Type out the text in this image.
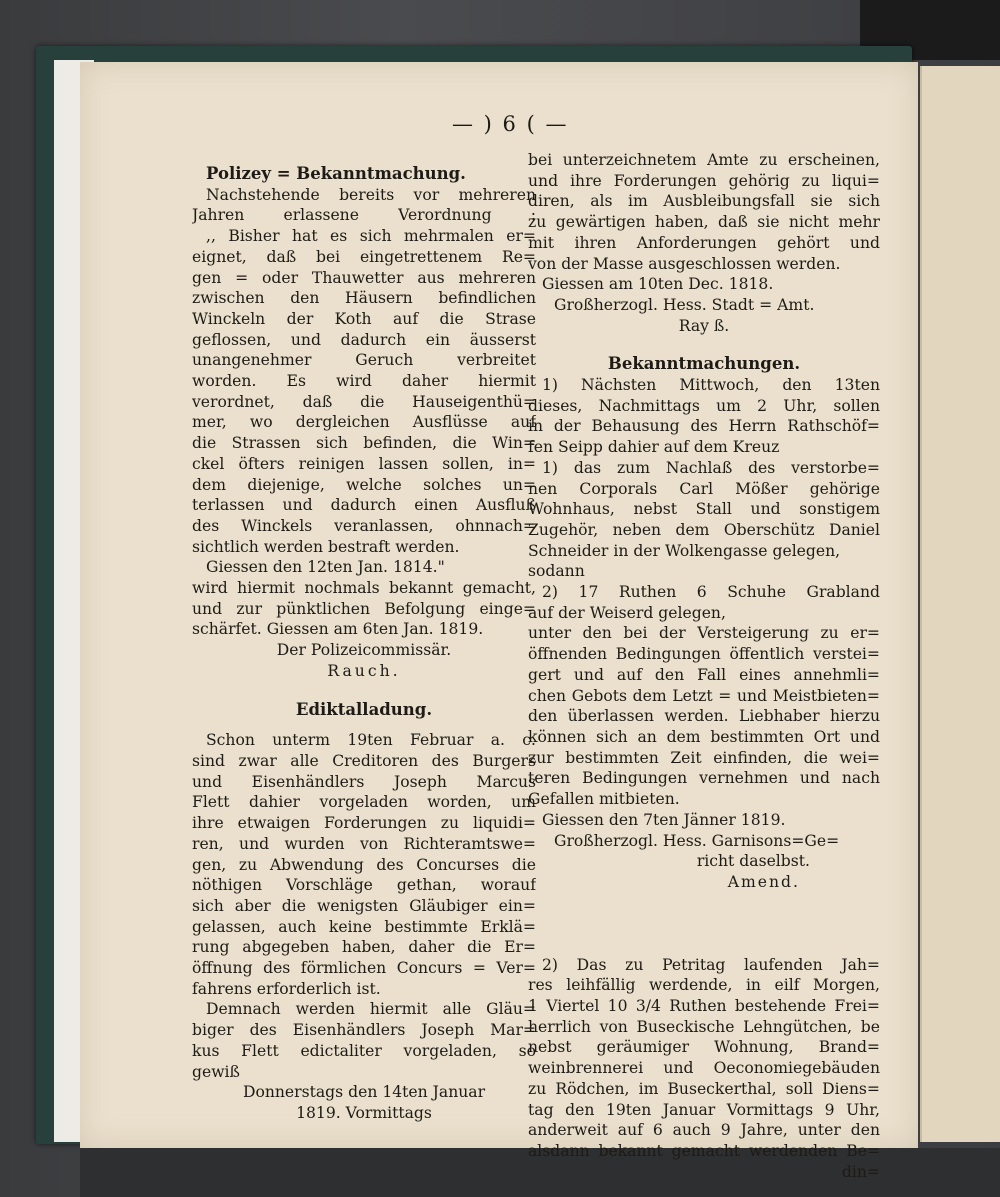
— ) 6 ( —
Polizey = Bekanntmachung.
Nachstehende bereits vor mehreren
Jahren erlassene Verordnung :
,, Bisher hat es sich mehrmalen er=
eignet, daß bei eingetrettenem Re=
gen = oder Thauwetter aus mehreren
zwischen den Häusern befindlichen
Winckeln der Koth auf die Strase
geflossen, und dadurch ein äusserst
unangenehmer Geruch verbreitet
worden. Es wird daher hiermit
verordnet, daß die Hauseigenthü=
mer, wo dergleichen Ausflüsse auf
die Strassen sich befinden, die Win=
ckel öfters reinigen lassen sollen, in=
dem diejenige, welche solches un=
terlassen und dadurch einen Ausfluß
des Winckels veranlassen, ohnnach=
sichtlich werden bestraft werden.
Giessen den 12ten Jan. 1814."
wird hiermit nochmals bekannt gemacht,
und zur pünktlichen Befolgung einge=
schärfet. Giessen am 6ten Jan. 1819.
Der Polizeicommissär.
Rauch.
Ediktalladung.
Schon unterm 19ten Februar a. c.
sind zwar alle Creditoren des Burgers
und Eisenhändlers Joseph Marcus
Flett dahier vorgeladen worden, um
ihre etwaigen Forderungen zu liquidi=
ren, und wurden von Richteramtswe=
gen, zu Abwendung des Concurses die
nöthigen Vorschläge gethan, worauf
sich aber die wenigsten Gläubiger ein=
gelassen, auch keine bestimmte Erklä=
rung abgegeben haben, daher die Er=
öffnung des förmlichen Concurs = Ver=
fahrens erforderlich ist.
Demnach werden hiermit alle Gläu=
biger des Eisenhändlers Joseph Mar=
kus Flett edictaliter vorgeladen, so
gewiß
Donnerstags den 14ten Januar
1819. Vormittags
bei unterzeichnetem Amte zu erscheinen,
und ihre Forderungen gehörig zu liqui=
diren, als im Ausbleibungsfall sie sich
zu gewärtigen haben, daß sie nicht mehr
mit ihren Anforderungen gehört und
von der Masse ausgeschlossen werden.
Giessen am 10ten Dec. 1818.
Großherzogl. Hess. Stadt = Amt.
Ray ß.
Bekanntmachungen.
1) Nächsten Mittwoch, den 13ten
dieses, Nachmittags um 2 Uhr, sollen
in der Behausung des Herrn Rathschöf=
fen Seipp dahier auf dem Kreuz
1) das zum Nachlaß des verstorbe=
nen Corporals Carl Mößer gehörige
Wohnhaus, nebst Stall und sonstigem
Zugehör, neben dem Oberschütz Daniel
Schneider in der Wolkengasse gelegen,
sodann
2) 17 Ruthen 6 Schuhe Grabland
auf der Weiserd gelegen,
unter den bei der Versteigerung zu er=
öffnenden Bedingungen öffentlich verstei=
gert und auf den Fall eines annehmli=
chen Gebots dem Letzt = und Meistbieten=
den überlassen werden. Liebhaber hierzu
können sich an dem bestimmten Ort und
zur bestimmten Zeit einfinden, die wei=
teren Bedingungen vernehmen und nach
Gefallen mitbieten.
Giessen den 7ten Jänner 1819.
Großherzogl. Hess. Garnisons=Ge=
richt daselbst.
Amend.
2) Das zu Petritag laufenden Jah=
res leihfällig werdende, in eilf Morgen,
1 Viertel 10 3/4 Ruthen bestehende Frei=
herrlich von Buseckische Lehngütchen, be
nebst geräumiger Wohnung, Brand=
weinbrennerei und Oeconomiegebäuden
zu Rödchen, im Buseckerthal, soll Diens=
tag den 19ten Januar Vormittags 9 Uhr,
anderweit auf 6 auch 9 Jahre, unter den
alsdann bekannt gemacht werdenden Be=
din=
